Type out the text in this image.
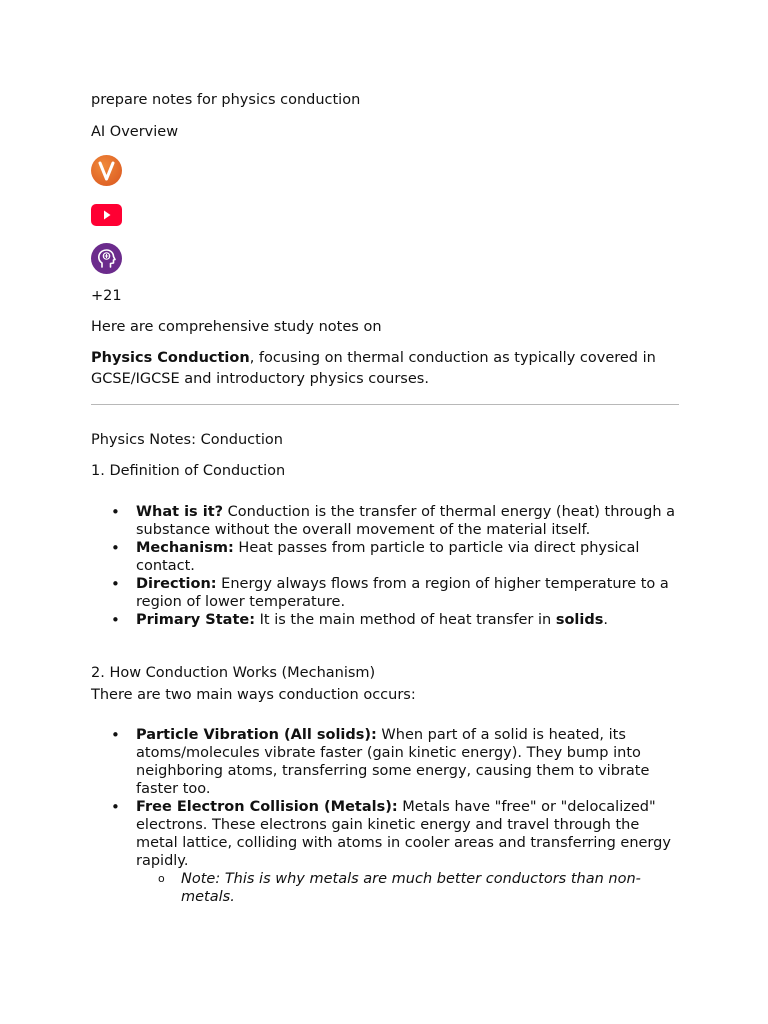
prepare notes for physics conduction
AI Overview
+21
Here are comprehensive study notes on
Physics Conduction, focusing on thermal conduction as typically covered in GCSE/IGCSE and introductory physics courses.
Physics Notes: Conduction
1. Definition of Conduction
• What is it? Conduction is the transfer of thermal energy (heat) through a substance without the overall movement of the material itself.
• Mechanism: Heat passes from particle to particle via direct physical contact.
• Direction: Energy always flows from a region of higher temperature to a region of lower temperature.
• Primary State: It is the main method of heat transfer in solids.
2. How Conduction Works (Mechanism)
There are two main ways conduction occurs:
• Particle Vibration (All solids): When part of a solid is heated, its atoms/molecules vibrate faster (gain kinetic energy). They bump into neighboring atoms, transferring some energy, causing them to vibrate faster too.
• Free Electron Collision (Metals): Metals have "free" or "delocalized" electrons. These electrons gain kinetic energy and travel through the metal lattice, colliding with atoms in cooler areas and transferring energy rapidly.
o Note: This is why metals are much better conductors than non-metals.
